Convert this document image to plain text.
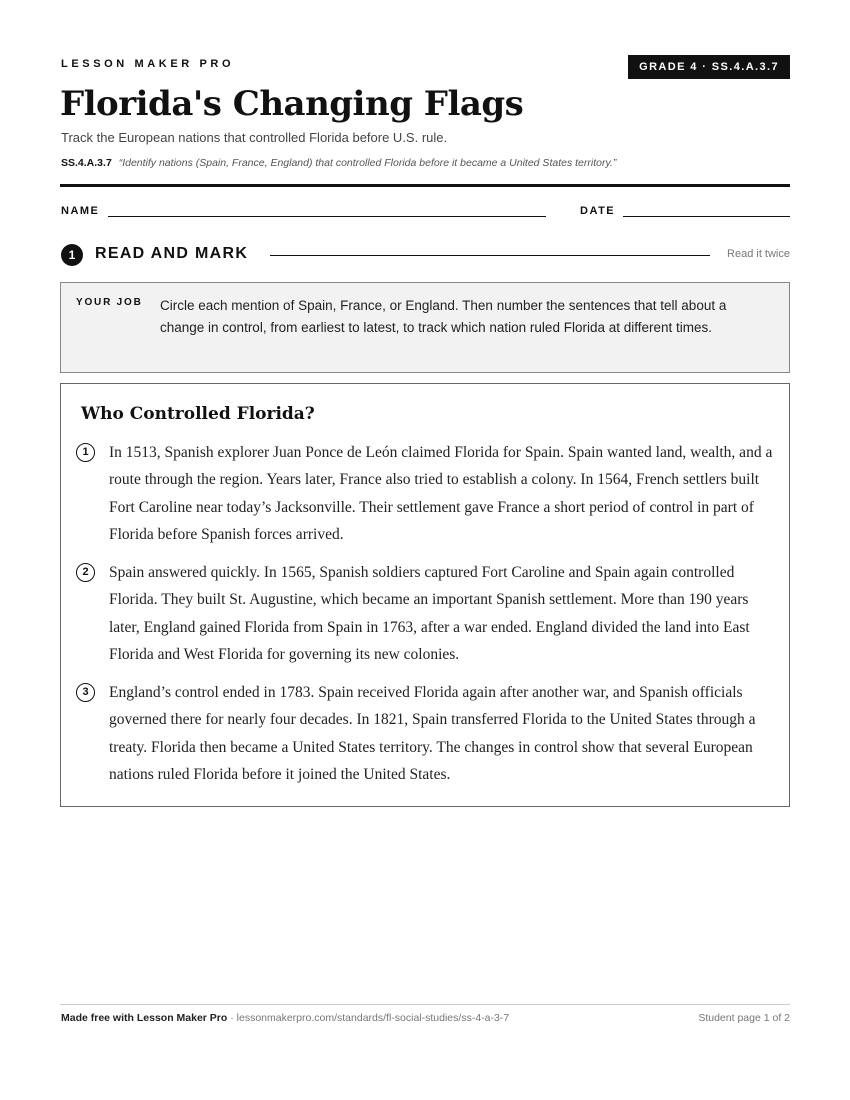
LESSON MAKER PRO	GRADE 4 · SS.4.A.3.7
Florida's Changing Flags
Track the European nations that controlled Florida before U.S. rule.
SS.4.A.3.7 “Identify nations (Spain, France, England) that controlled Florida before it became a United States territory.”
NAME	DATE
1	READ AND MARK	Read it twice
YOUR JOB Circle each mention of Spain, France, or England. Then number the sentences that tell about a change in control, from earliest to latest, to track which nation ruled Florida at different times.
Who Controlled Florida?
1	In 1513, Spanish explorer Juan Ponce de León claimed Florida for Spain. Spain wanted land, wealth, and a route through the region. Years later, France also tried to establish a colony. In 1564, French settlers built Fort Caroline near today’s Jacksonville. Their settlement gave France a short period of control in part of Florida before Spanish forces arrived.
2	Spain answered quickly. In 1565, Spanish soldiers captured Fort Caroline and Spain again controlled Florida. They built St. Augustine, which became an important Spanish settlement. More than 190 years later, England gained Florida from Spain in 1763, after a war ended. England divided the land into East Florida and West Florida for governing its new colonies.
3	England’s control ended in 1783. Spain received Florida again after another war, and Spanish officials governed there for nearly four decades. In 1821, Spain transferred Florida to the United States through a treaty. Florida then became a United States territory. The changes in control show that several European nations ruled Florida before it joined the United States.
Made free with Lesson Maker Pro · lessonmakerpro.com/standards/fl-social-studies/ss-4-a-3-7	Student page 1 of 2
